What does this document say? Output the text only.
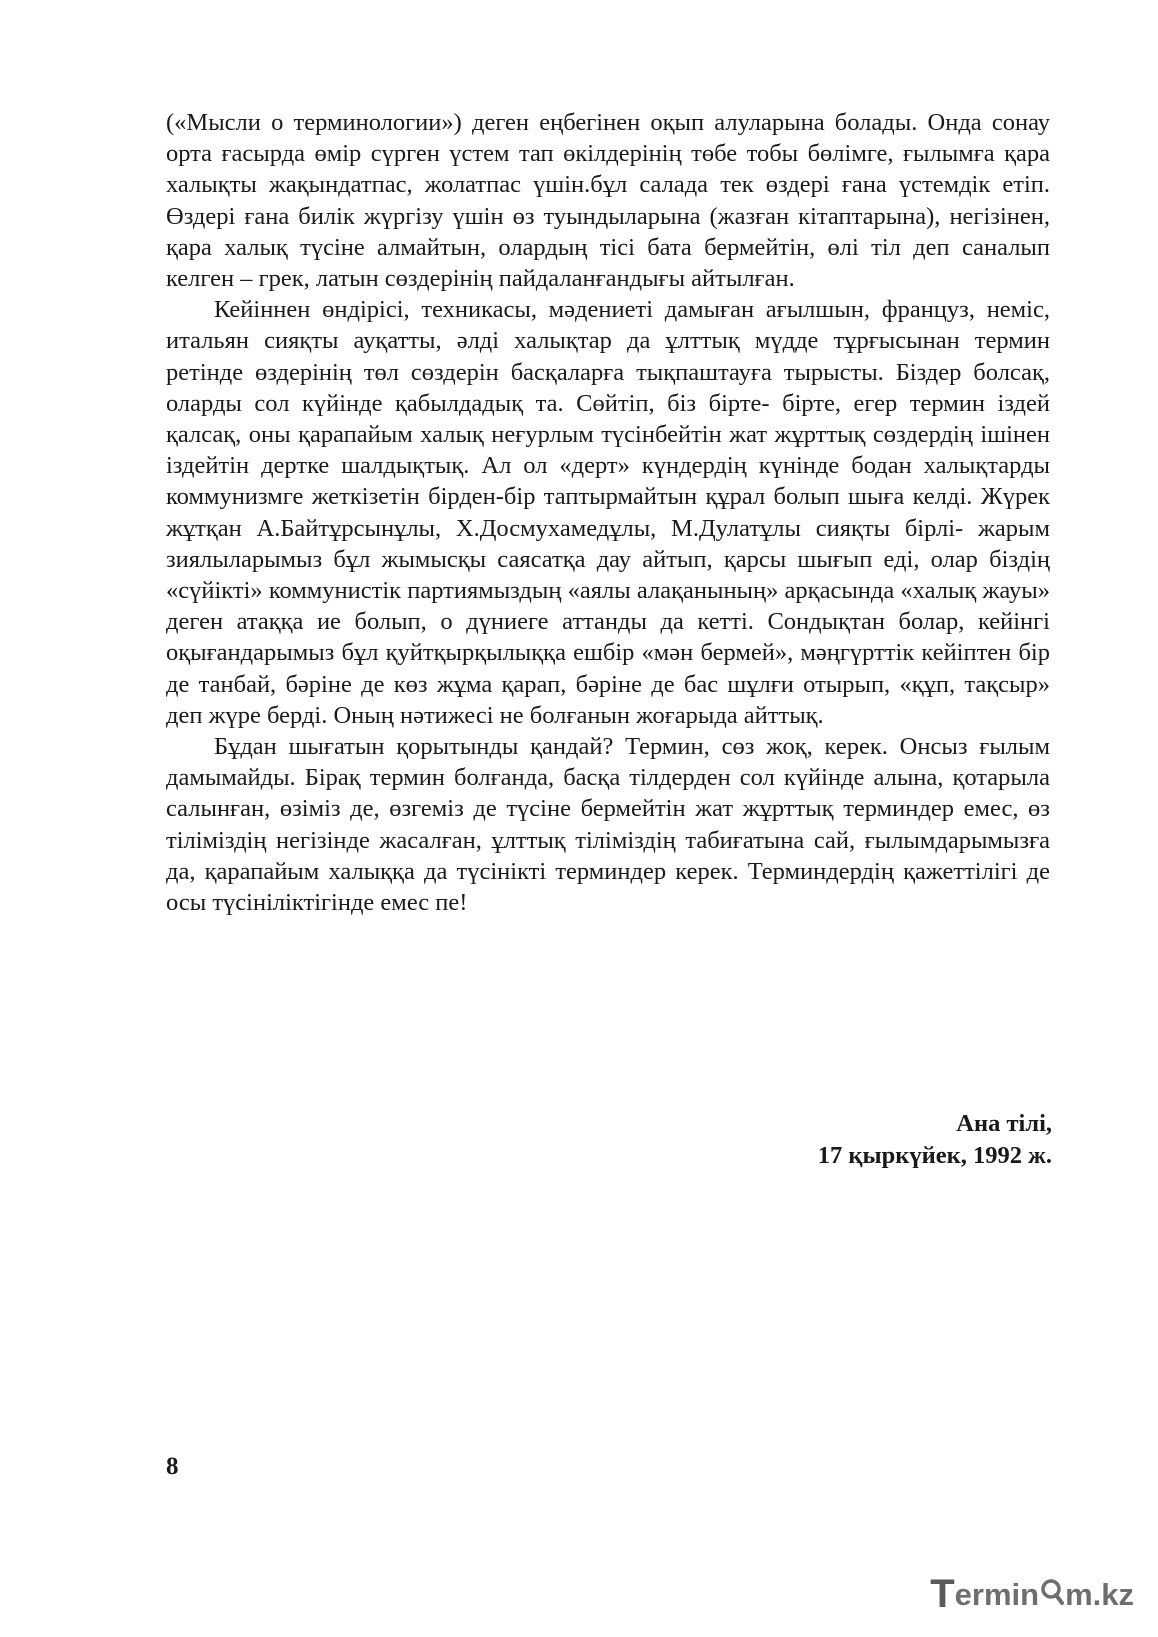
(«Мысли о терминологии») деген еңбегінен оқып алуларына болады. Онда сонау орта ғасырда өмір сүрген үстем тап өкілдерінің төбе тобы бөлімге, ғылымға қара халықты жақындатпас, жолатпас үшін.бұл салада тек өздері ғана үстемдік етіп. Өздері ғана билік жүргізу үшін өз туындыларына (жазған кітаптарына), негізінен, қара халық түсіне алмайтын, олардың тісі бата бермейтін, өлі тіл деп саналып келген – грек, латын сөздерінің пайдаланғандығы айтылған.

Кейіннен өндірісі, техникасы, мәдениеті дамыған ағылшын, француз, неміс, итальян сияқты ауқатты, әлді халықтар да ұлттық мүдде тұрғысынан термин ретінде өздерінің төл сөздерін басқаларға тықпаштауға тырысты. Біздер болсақ, оларды сол күйінде қабылдадық та. Сөйтіп, біз бірте- бірте, егер термин іздей қалсақ, оны қарапайым халық неғурлым түсінбейтін жат жұрттық сөздердің ішінен іздейтін дертке шалдықтық. Ал ол «дерт» күндердің күнінде бодан халықтарды коммунизмге жеткізетін бірден-бір таптырмайтын құрал болып шыға келді. Жүрек жұтқан А.Байтұрсынұлы, Х.Досмухамедұлы, М.Дулатұлы сияқты бірлі- жарым зиялыларымыз бұл жымысқы саясатқа дау айтып, қарсы шығып еді, олар біздің «сүйікті» коммунистік партиямыздың «аялы алақанының» арқасында «халық жауы» деген атаққа ие болып, о дүниеге аттанды да кетті. Сондықтан болар, кейінгі оқығандарымыз бұл қуйтқырқылыққа ешбір «мән бермей», мәңгүрттік кейіптен бір де танбай, бәріне де көз жұма қарап, бәріне де бас шұлғи отырып, «құп, тақсыр» деп жүре берді. Оның нәтижесі не болғанын жоғарыда айттық.

Бұдан шығатын қорытынды қандай? Термин, сөз жоқ, керек. Онсыз ғылым дамымайды. Бірақ термин болғанда, басқа тілдерден сол күйінде алына, қотарыла салынған, өзіміз де, өзгеміз де түсіне бермейтін жат жұрттық терминдер емес, өз тіліміздің негізінде жасалған, ұлттық тіліміздің табиғатына сай, ғылымдарымызға да, қарапайым халыққа да түсінікті терминдер керек. Терминдердің қажеттілігі де осы түсініліктігінде емес пе!

Ана тілі,
17 қыркүйек, 1992 ж.
8
T ermin m.kz
